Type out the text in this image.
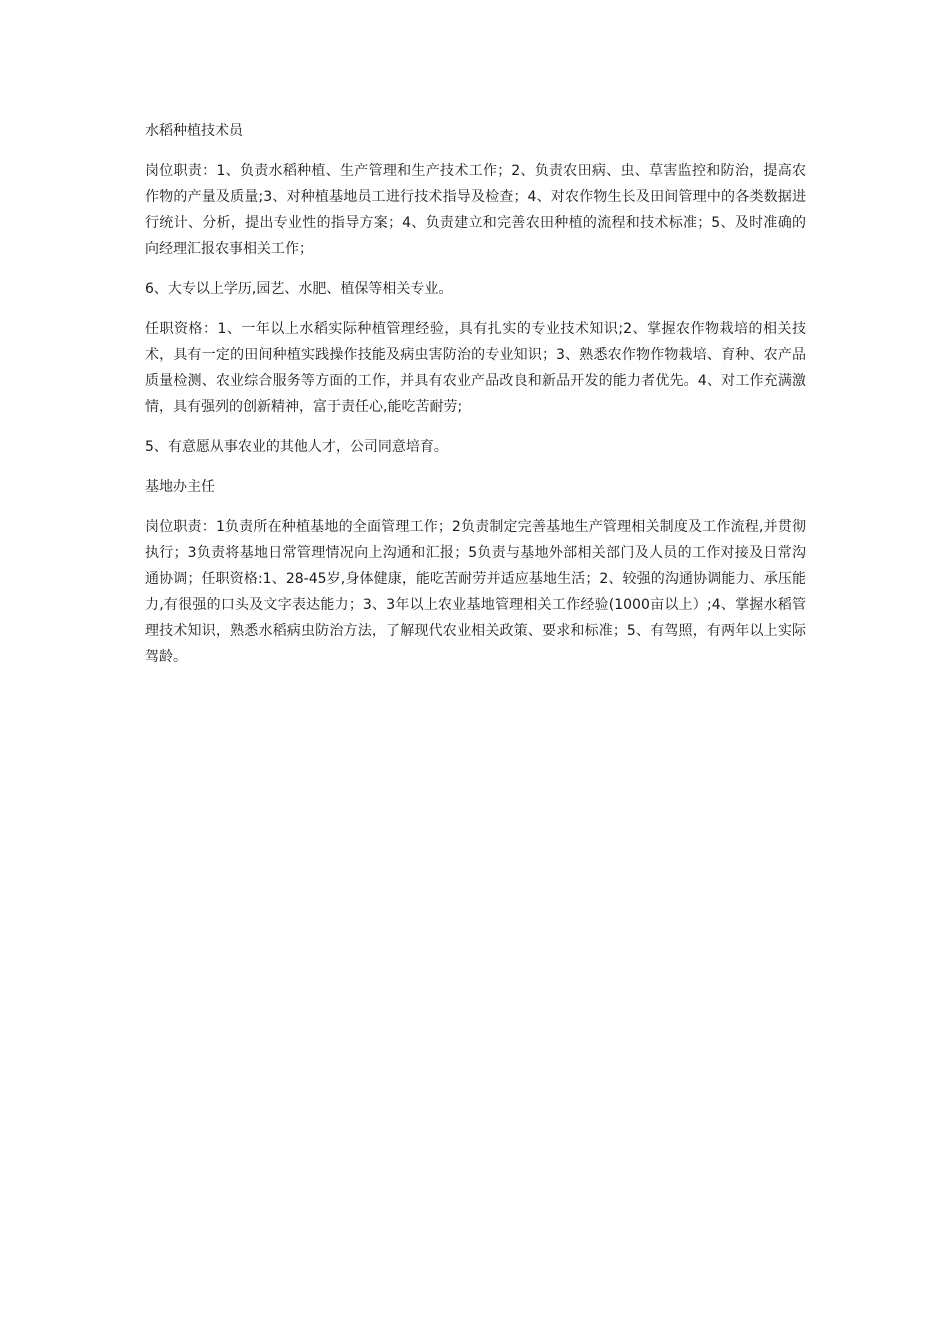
水稻种植技术员

岗位职责：1、负责水稻种植、生产管理和生产技术工作；2、负责农田病、虫、草害监控和防治，提高农作物的产量及质量;3、对种植基地员工进行技术指导及检查；4、对农作物生长及田间管理中的各类数据进行统计、分析，提出专业性的指导方案；4、负责建立和完善农田种植的流程和技术标准；5、及时准确的向经理汇报农事相关工作；

6、大专以上学历,园艺、水肥、植保等相关专业。

任职资格：1、一年以上水稻实际种植管理经验，具有扎实的专业技术知识;2、掌握农作物栽培的相关技术，具有一定的田间种植实践操作技能及病虫害防治的专业知识；3、熟悉农作物作物栽培、育种、农产品质量检测、农业综合服务等方面的工作，并具有农业产品改良和新品开发的能力者优先。4、对工作充满激情，具有强列的创新精神，富于责任心,能吃苦耐劳;

5、有意愿从事农业的其他人才，公司同意培育。

基地办主任

岗位职责：1负责所在种植基地的全面管理工作；2负责制定完善基地生产管理相关制度及工作流程,并贯彻执行；3负责将基地日常管理情况向上沟通和汇报；5负责与基地外部相关部门及人员的工作对接及日常沟通协调；任职资格:1、28-45岁,身体健康，能吃苦耐劳并适应基地生活；2、较强的沟通协调能力、承压能力,有很强的口头及文字表达能力；3、3年以上农业基地管理相关工作经验(1000亩以上）;4、掌握水稻管理技术知识，熟悉水稻病虫防治方法，了解现代农业相关政策、要求和标准；5、有驾照，有两年以上实际驾龄。
